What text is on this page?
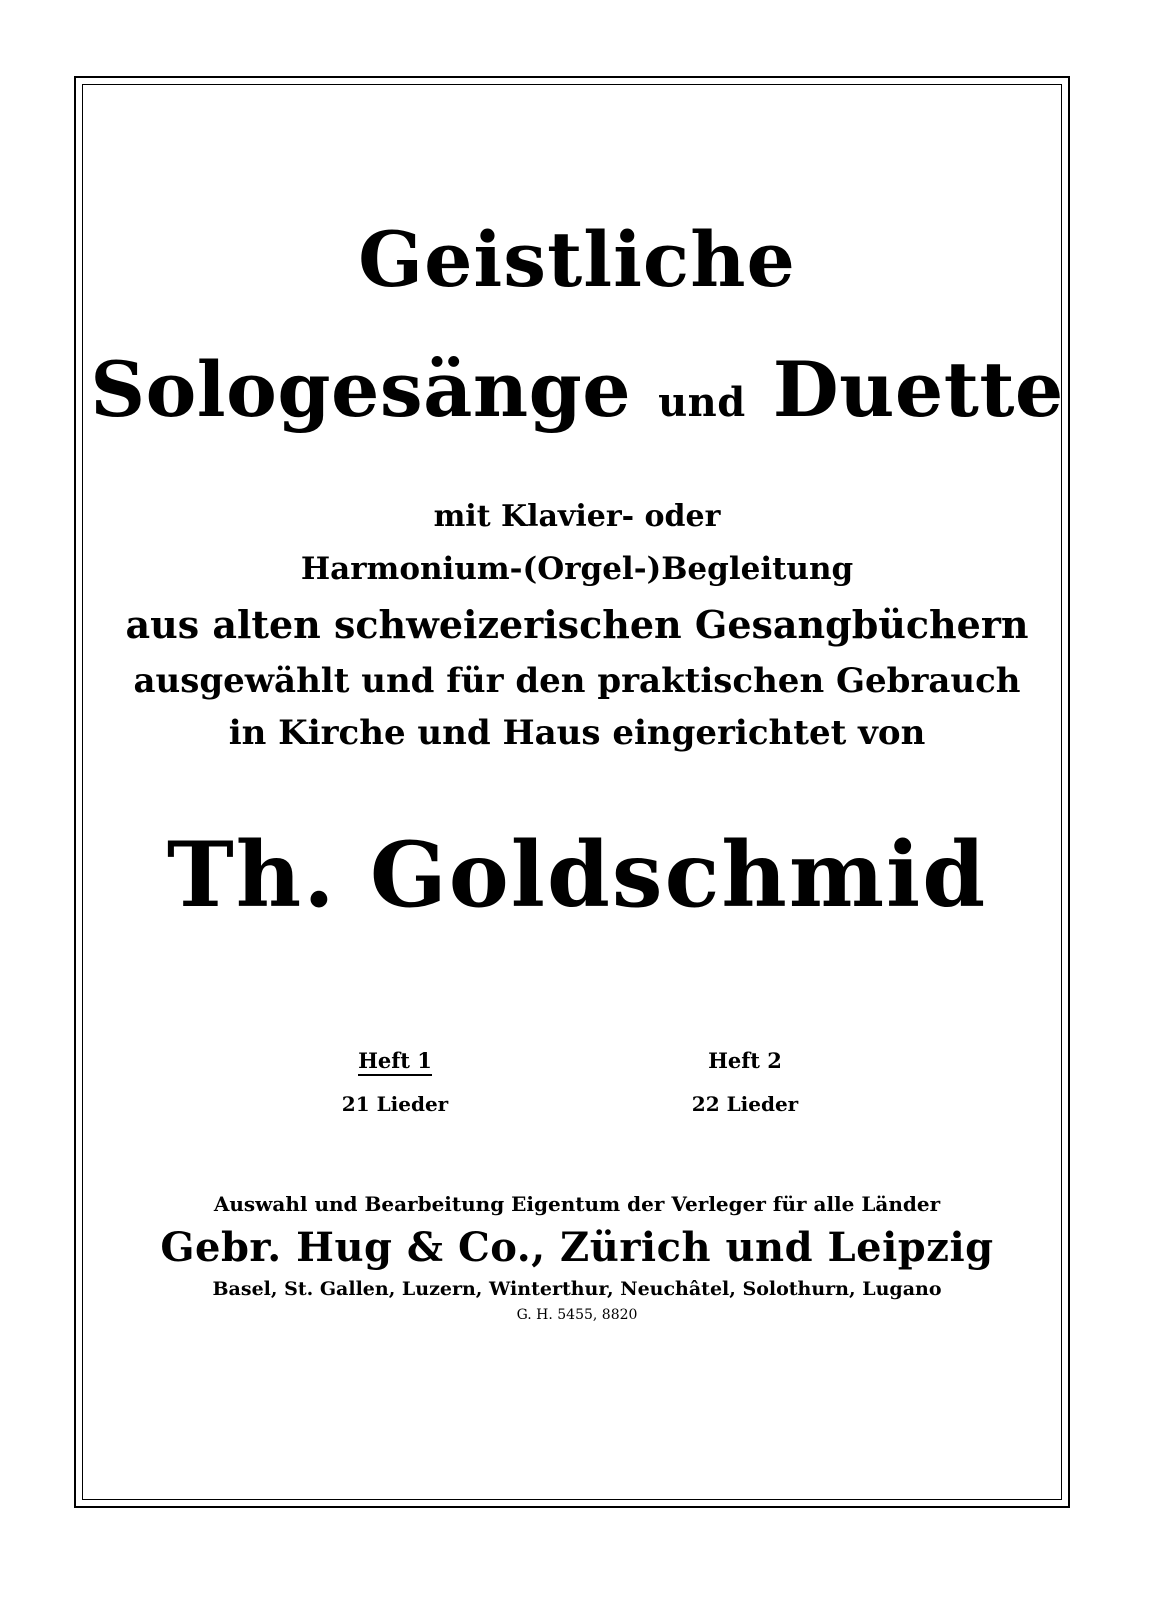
Geistliche
Sologesänge und Duette
mit Klavier- oder
Harmonium-(Orgel-)Begleitung
aus alten schweizerischen Gesangbüchern
ausgewählt und für den praktischen Gebrauch
in Kirche und Haus eingerichtet von
Th. Goldschmid
Heft 1
21 Lieder
Heft 2
22 Lieder
Auswahl und Bearbeitung Eigentum der Verleger für alle Länder
Gebr. Hug & Co., Zürich und Leipzig
Basel, St. Gallen, Luzern, Winterthur, Neuchâtel, Solothurn, Lugano
G. H. 5455, 8820
